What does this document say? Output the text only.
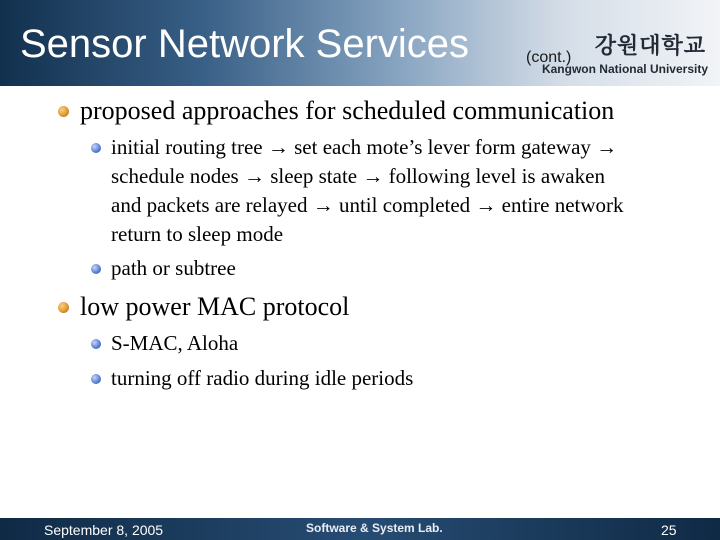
Sensor Network Services	(cont.) 강원대학교
Kangwon National University
proposed approaches for scheduled communication
initial routing tree → set each mote’s lever form gateway →
schedule nodes → sleep state → following level is awaken
and packets are relayed → until completed → entire network
return to sleep mode
path or subtree
low power MAC protocol
S-MAC, Aloha
turning off radio during idle periods
September 8, 2005	Software & System Lab.	25
